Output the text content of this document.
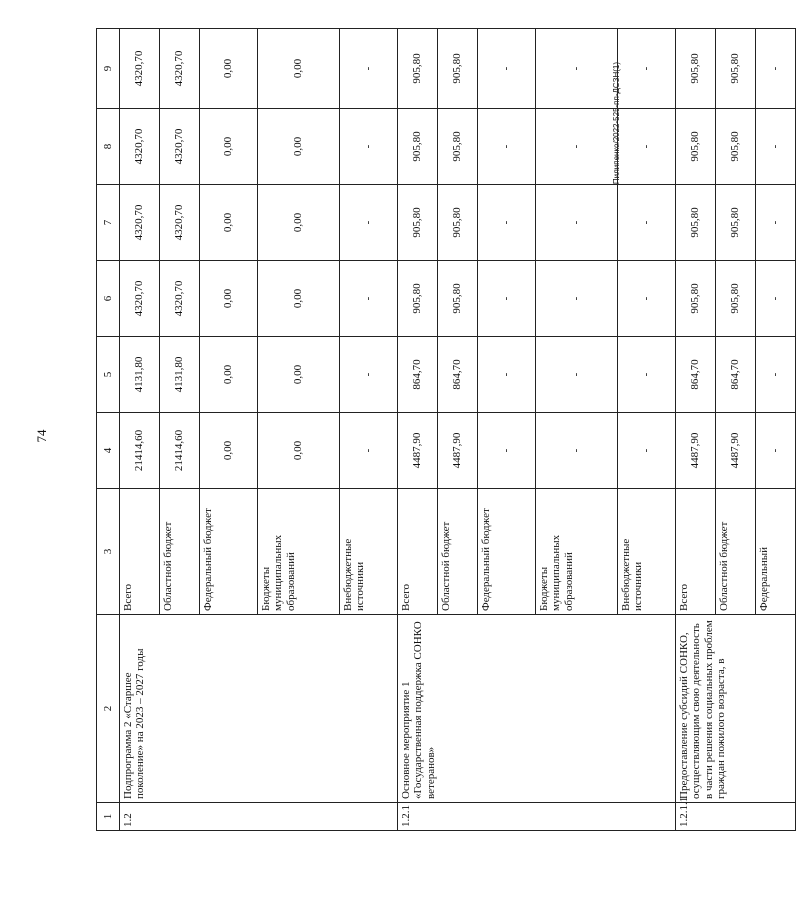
74
Пилипенко/2022-525-пп-ДСЗН(1)
1	2	3	4	5	6	7	8	9
1.2	Подпрограмма 2 «Старшее поколение» на 2023 – 2027 годы	Всего	21414,60	4131,80	4320,70	4320,70	4320,70	4320,70
		Областной бюджет	21414,60	4131,80	4320,70	4320,70	4320,70	4320,70
		Федеральный бюджет	0,00	0,00	0,00	0,00	0,00	0,00
		Бюджеты муниципальных образований	0,00	0,00	0,00	0,00	0,00	0,00
		Внебюджетные источники	-	-	-	-	-	-
1.2.1	Основное мероприятие 1 «Государственная поддержка СОНКО ветеранов»	Всего	4487,90	864,70	905,80	905,80	905,80	905,80
		Областной бюджет	4487,90	864,70	905,80	905,80	905,80	905,80
		Федеральный бюджет	-	-	-	-	-	-
		Бюджеты муниципальных образований	-	-	-	-	-	-
		Внебюджетные источники	-	-	-	-	-	-
1.2.1.1	Предоставление субсидий СОНКО, осуществляющим свою деятельность в части решения социальных проблем граждан пожилого возраста, в	Всего	4487,90	864,70	905,80	905,80	905,80	905,80
		Областной бюджет	4487,90	864,70	905,80	905,80	905,80	905,80
		Федеральный	-	-	-	-	-	-
